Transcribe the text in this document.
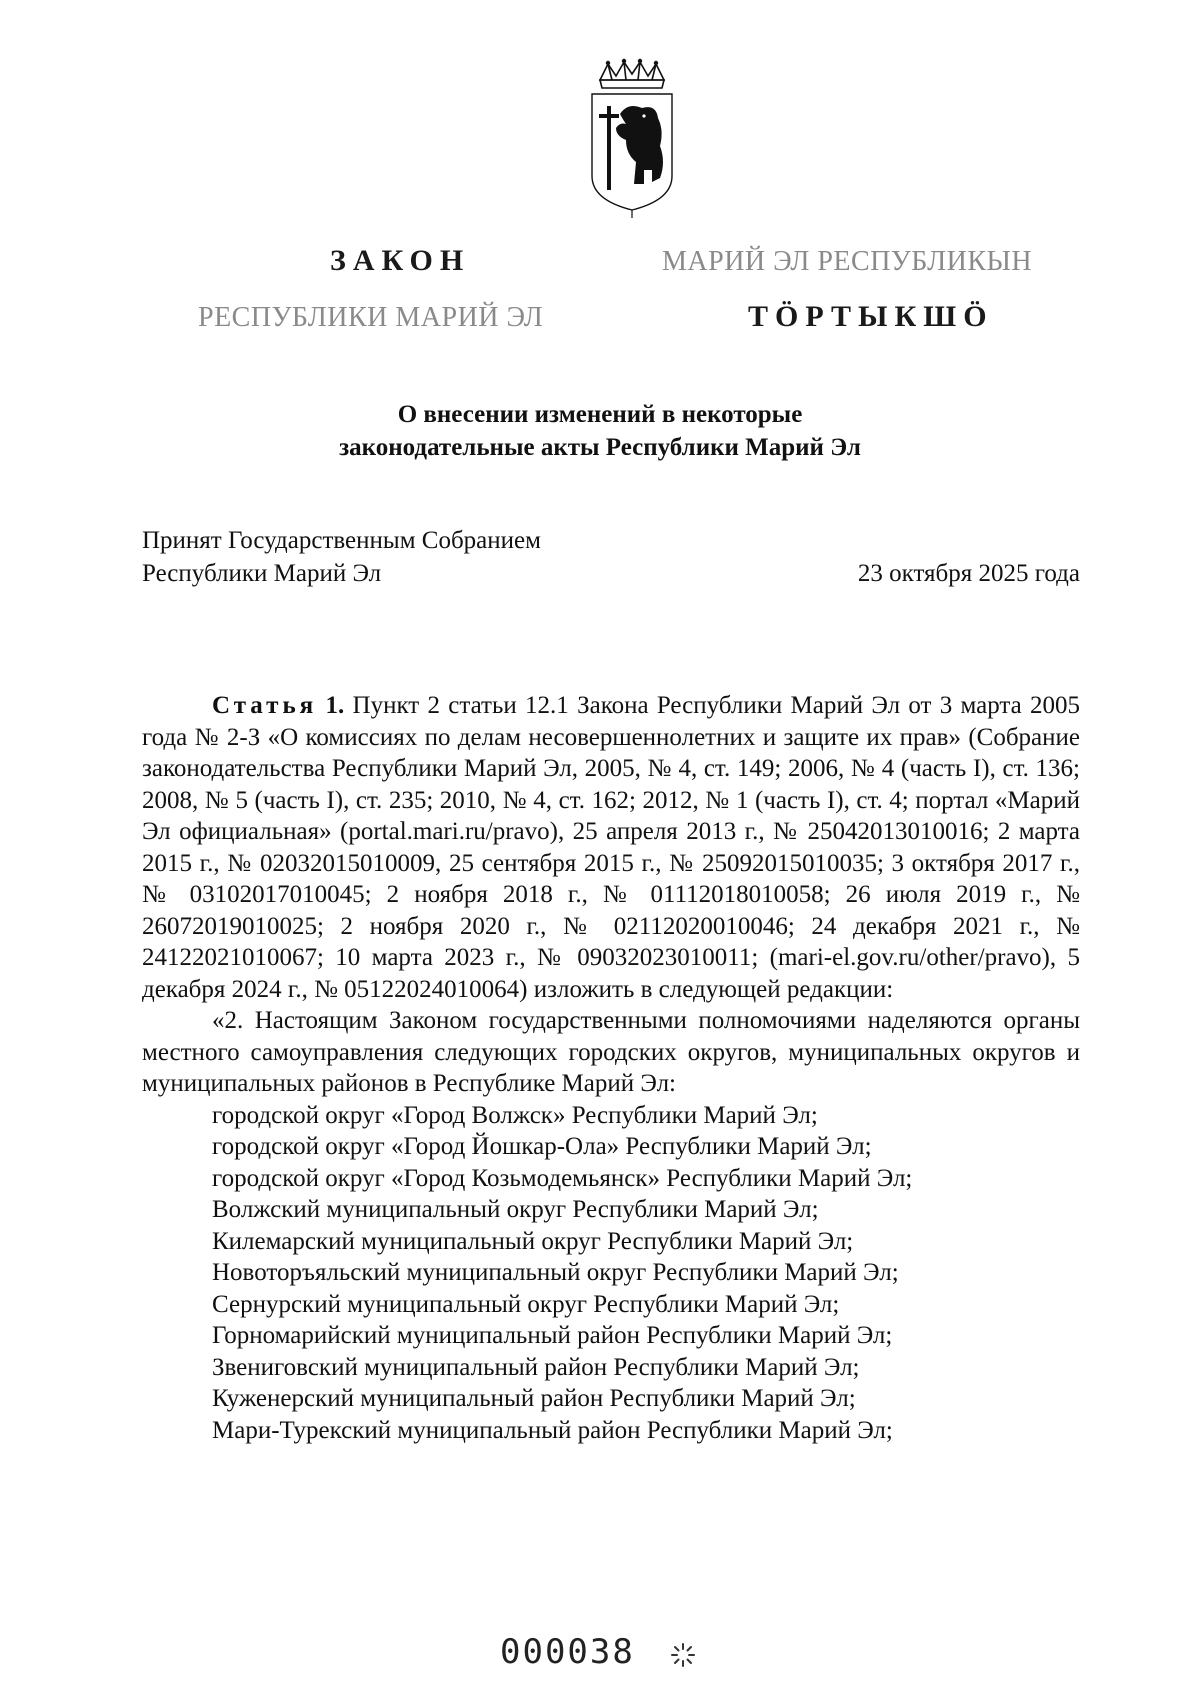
ЗАКОН	МАРИЙ ЭЛ РЕСПУБЛИКЫН
РЕСПУБЛИКИ МАРИЙ ЭЛ	ТӦРТЫКШӦ
О внесении изменений в некоторые
законодательные акты Республики Марий Эл
Принят Государственным Собранием
Республики Марий Эл	23 октября 2025 года

Статья 1. Пункт 2 статьи 12.1 Закона Республики Марий Эл от 3 марта 2005 года № 2-З «О комиссиях по делам несовершеннолетних и защите их прав» (Собрание законодательства Республики Марий Эл, 2005, № 4, ст. 149; 2006, № 4 (часть I), ст. 136; 2008, № 5 (часть I), ст. 235; 2010, № 4, ст. 162; 2012, № 1 (часть I), ст. 4; портал «Марий Эл официальная» (portal.mari.ru/pravo), 25 апреля 2013 г., № 25042013010016; 2 марта 2015 г., № 02032015010009, 25 сентября 2015 г., № 25092015010035; 3 октября 2017 г., № 03102017010045; 2 ноября 2018 г., № 01112018010058; 26 июля 2019 г., № 26072019010025; 2 ноября 2020 г., № 02112020010046; 24 декабря 2021 г., № 24122021010067; 10 марта 2023 г., № 09032023010011; (mari-el.gov.ru/other/pravo), 5 декабря 2024 г., № 05122024010064) изложить в следующей редакции:

«2. Настоящим Законом государственными полномочиями наделяются органы местного самоуправления следующих городских округов, муниципальных округов и муниципальных районов в Республике Марий Эл:

городской округ «Город Волжск» Республики Марий Эл;
городской округ «Город Йошкар-Ола» Республики Марий Эл;
городской округ «Город Козьмодемьянск» Республики Марий Эл;
Волжский муниципальный округ Республики Марий Эл;
Килемарский муниципальный округ Республики Марий Эл;
Новоторъяльский муниципальный округ Республики Марий Эл;
Сернурский муниципальный округ Республики Марий Эл;
Горномарийский муниципальный район Республики Марий Эл;
Звениговский муниципальный район Республики Марий Эл;
Куженерский муниципальный район Республики Марий Эл;
Мари-Турекский муниципальный район Республики Марий Эл;
000038
